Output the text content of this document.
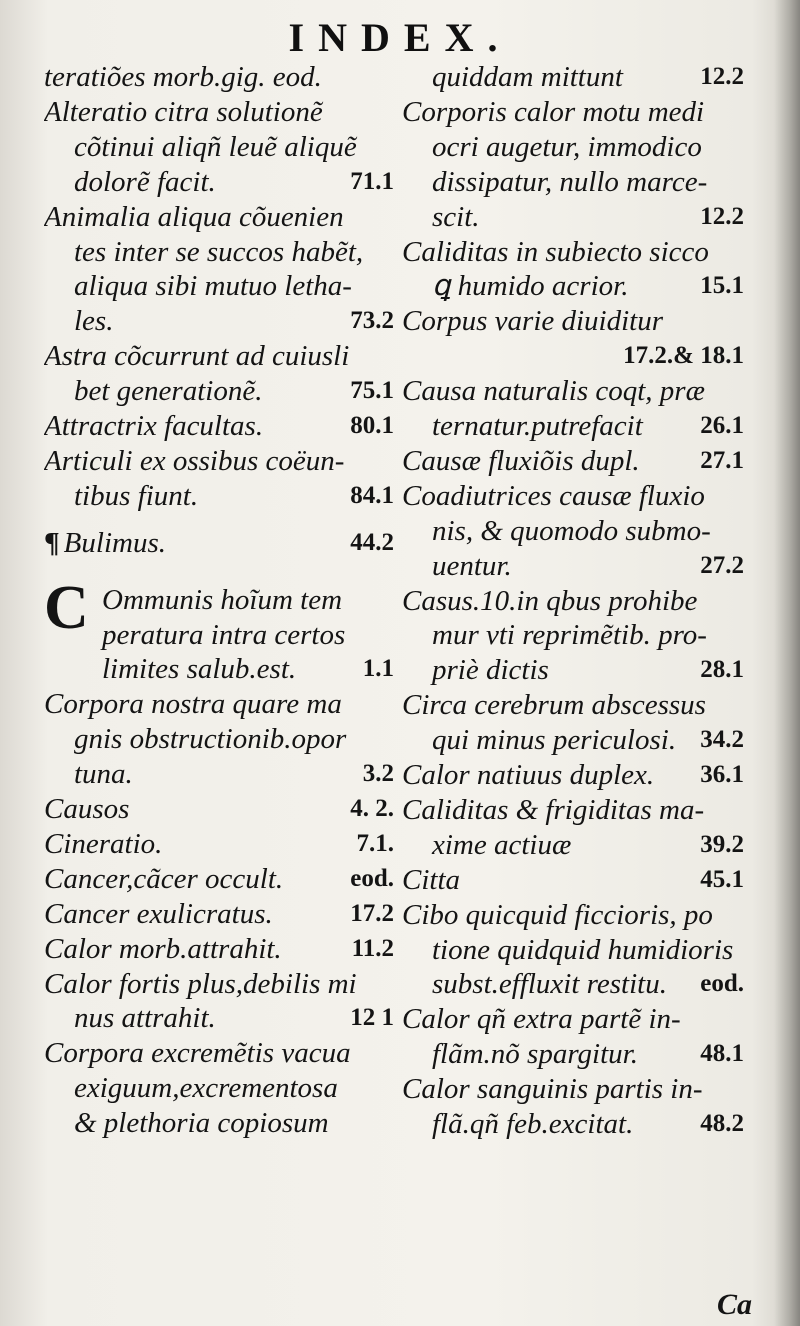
INDEX.
teratiões morb.gig. eod.
Alteratio citra solutionẽ
cõtinui aliqñ leuẽ aliquẽ
dolorẽ facit.	71.1
Animalia aliqua cõuenien
tes inter se succos habẽt,
aliqua sibi mutuo letha-
les.	73.2
Astra cõcurrunt ad cuiusli
bet generationẽ.	75.1
Attractrix facultas.	80.1
Articuli ex ossibus coëun-
tibus fiunt.	84.1
¶ Bulimus.	44.2
Ommunis hoĩum tem
C peratura intra certos
limites salub.est.	1.1
Corpora nostra quare ma
gnis obstructionib.opor
tuna.	3.2
Causos	4. 2.
Cineratio.	7.1.
Cancer,cãcer occult.	eod.
Cancer exulicratus.	17.2
Calor morb.attrahit.	11.2
Calor fortis plus,debilis mi
nus attrahit.	12 1
Corpora excremẽtis vacua
exiguum,excrementosa
& plethoria copiosum
quiddam mittunt	12.2
Corporis calor motu medi
ocri augetur, immodico
dissipatur, nullo marce-
scit.	12.2
Caliditas in subiecto sicco
ꝗ humido acrior.	15.1
Corpus varie diuiditur
17.2.& 18.1
Causa naturalis coqt, præ
ternatur.putrefacit 26.1
Causæ fluxiõis dupl. 27.1
Coadiutrices causæ fluxio
nis, & quomodo submo-
uentur.	27.2
Casus.10.in qbus prohibe
mur vti reprimẽtib. pro-
priè dictis	28.1
Circa cerebrum abscessus
qui minus periculosi. 34.2
Calor natiuus duplex. 36.1
Caliditas & frigiditas ma-
xime actiuæ	39.2
Citta	45.1
Cibo quicquid ficcioris, po
tione quidquid humidioris
subst.effluxit restitu. eod.
Calor qñ extra partẽ in-
flãm.nõ spargitur. 48.1
Calor sanguinis partis in-
flã.qñ feb.excitat.	48.2
Ca
